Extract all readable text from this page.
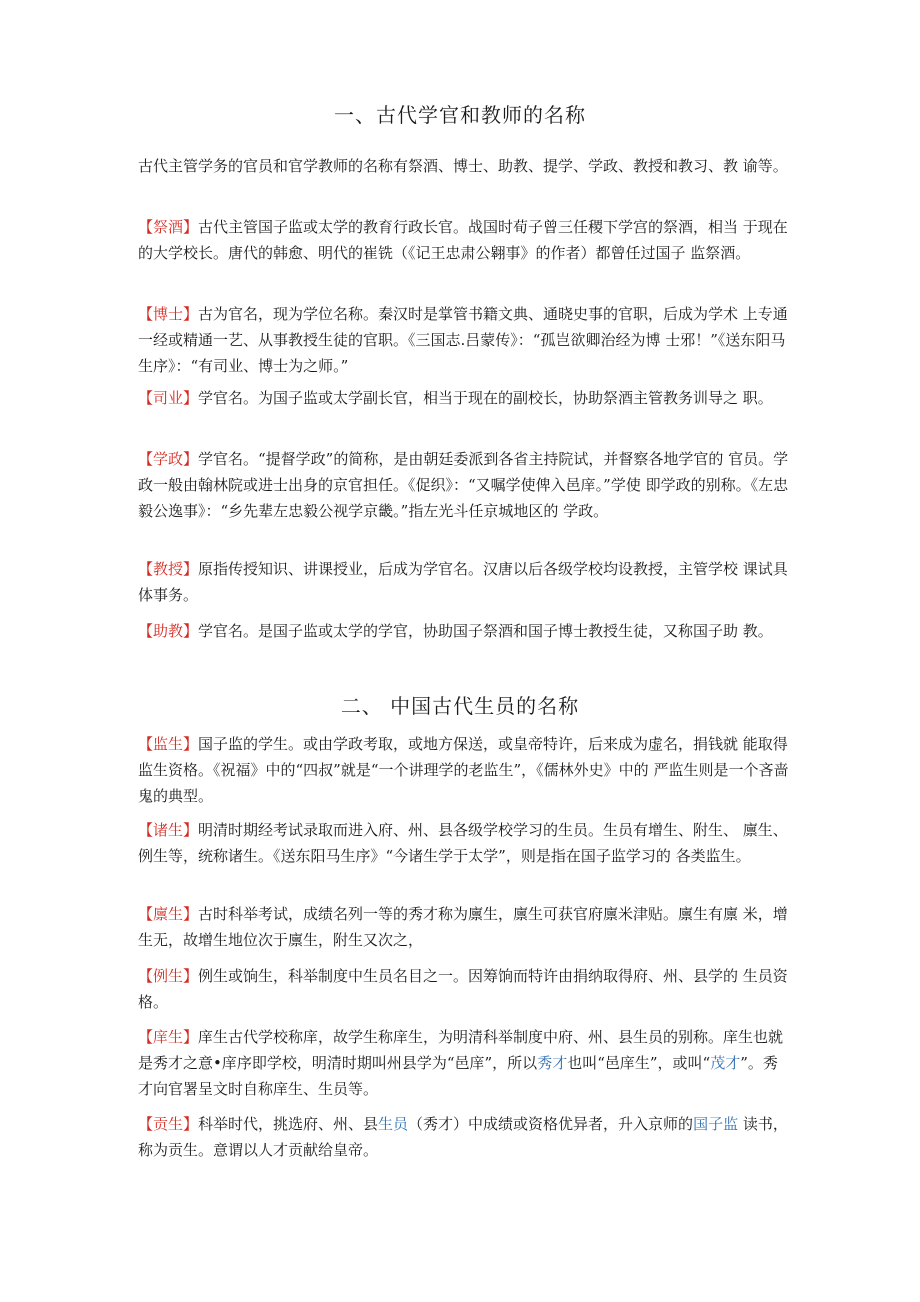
一、古代学官和教师的名称

古代主管学务的官员和官学教师的名称有祭酒、博士、助教、提学、学政、教授和教习、教 谕等。

【祭酒】古代主管国子监或太学的教育行政长官。战国时荀子曾三任稷下学宫的祭酒，相当 于现在的大学校长。唐代的韩愈、明代的崔铣（《记王忠肃公翱事》的作者）都曾任过国子 监祭酒。

【博士】古为官名，现为学位名称。秦汉时是掌管书籍文典、通晓史事的官职，后成为学术 上专通一经或精通一艺、从事教授生徒的官职。《三国志.吕蒙传》：“孤岂欲卿治经为博 士邪！”《送东阳马生序》：“有司业、博士为之师。”

【司业】学官名。为国子监或太学副长官，相当于现在的副校长，协助祭酒主管教务训导之 职。

【学政】学官名。“提督学政”的简称，是由朝廷委派到各省主持院试，并督察各地学官的 官员。学政一般由翰林院或进士出身的京官担任。《促织》：“又嘱学使俾入邑庠。”学使 即学政的别称。《左忠毅公逸事》：“乡先辈左忠毅公视学京畿。”指左光斗任京城地区的 学政。

【教授】原指传授知识、讲课授业，后成为学官名。汉唐以后各级学校均设教授，主管学校 课试具体事务。

【助教】学官名。是国子监或太学的学官，协助国子祭酒和国子博士教授生徒，又称国子助 教。

二、 中国古代生员的名称

【监生】国子监的学生。或由学政考取，或地方保送，或皇帝特许，后来成为虚名，捐钱就 能取得监生资格。《祝福》中的“四叔”就是“一个讲理学的老监生”，《儒林外史》中的 严监生则是一个吝啬鬼的典型。

【诸生】明清时期经考试录取而进入府、州、县各级学校学习的生员。生员有增生、附生、 廪生、例生等，统称诸生。《送东阳马生序》“今诸生学于太学”，则是指在国子监学习的 各类监生。

【廪生】古时科举考试，成绩名列一等的秀才称为廪生，廪生可获官府廪米津贴。廪生有廪 米，增生无，故增生地位次于廪生，附生又次之，

【例生】例生或饷生，科举制度中生员名目之一。因筹饷而特许由捐纳取得府、州、县学的 生员资格。

【庠生】庠生古代学校称庠，故学生称庠生，为明清科举制度中府、州、县生员的别称。庠生也就是秀才之意•庠序即学校，明清时期叫州县学为“邑庠”，所以秀才也叫“邑庠生”，或叫“茂才”。秀才向官署呈文时自称庠生、生员等。

【贡生】科举时代，挑选府、州、县生员（秀才）中成绩或资格优异者，升入京师的国子监 读书，称为贡生。意谓以人才贡献给皇帝。
